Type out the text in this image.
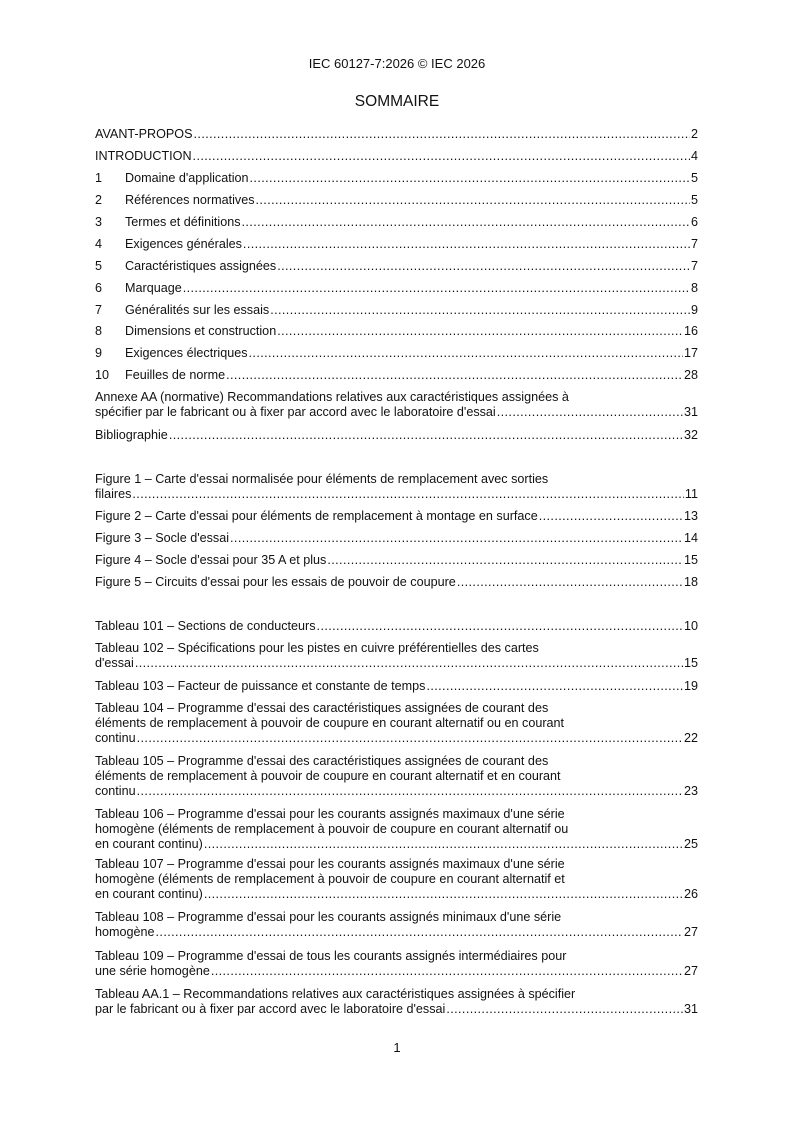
IEC 60127-7:2026 © IEC 2026
SOMMAIRE
AVANT-PROPOS .....	2
INTRODUCTION .....	4
1	Domaine d'application .....	5
2	Références normatives .....	5
3	Termes et définitions .....	6
4	Exigences générales .....	7
5	Caractéristiques assignées .....	7
6	Marquage .....	8
7	Généralités sur les essais .....	9
8	Dimensions et construction .....	16
9	Exigences électriques .....	17
10	Feuilles de norme .....	28
Annexe AA (normative) Recommandations relatives aux caractéristiques assignées à
spécifier par le fabricant ou à fixer par accord avec le laboratoire d'essai .....	31
Bibliographie .....	32
Figure 1 – Carte d'essai normalisée pour éléments de remplacement avec sorties
filaires .....	11
Figure 2 – Carte d'essai pour éléments de remplacement à montage en surface .....	13
Figure 3 – Socle d'essai .....	14
Figure 4 – Socle d'essai pour 35 A et plus .....	15
Figure 5 – Circuits d'essai pour les essais de pouvoir de coupure .....	18
Tableau 101 – Sections de conducteurs .....	10
Tableau 102 – Spécifications pour les pistes en cuivre préférentielles des cartes
d'essai .....	15
Tableau 103 – Facteur de puissance et constante de temps .....	19
Tableau 104 – Programme d'essai des caractéristiques assignées de courant des
éléments de remplacement à pouvoir de coupure en courant alternatif ou en courant
continu .....	22
Tableau 105 – Programme d'essai des caractéristiques assignées de courant des
éléments de remplacement à pouvoir de coupure en courant alternatif et en courant
continu .....	23
Tableau 106 – Programme d'essai pour les courants assignés maximaux d'une série
homogène (éléments de remplacement à pouvoir de coupure en courant alternatif ou
en courant continu) .....	25
Tableau 107 – Programme d'essai pour les courants assignés maximaux d'une série
homogène (éléments de remplacement à pouvoir de coupure en courant alternatif et
en courant continu) .....	26
Tableau 108 – Programme d'essai pour les courants assignés minimaux d'une série
homogène .....	27
Tableau 109 – Programme d'essai de tous les courants assignés intermédiaires pour
une série homogène .....	27
Tableau AA.1 – Recommandations relatives aux caractéristiques assignées à spécifier
par le fabricant ou à fixer par accord avec le laboratoire d'essai .....	31
1
